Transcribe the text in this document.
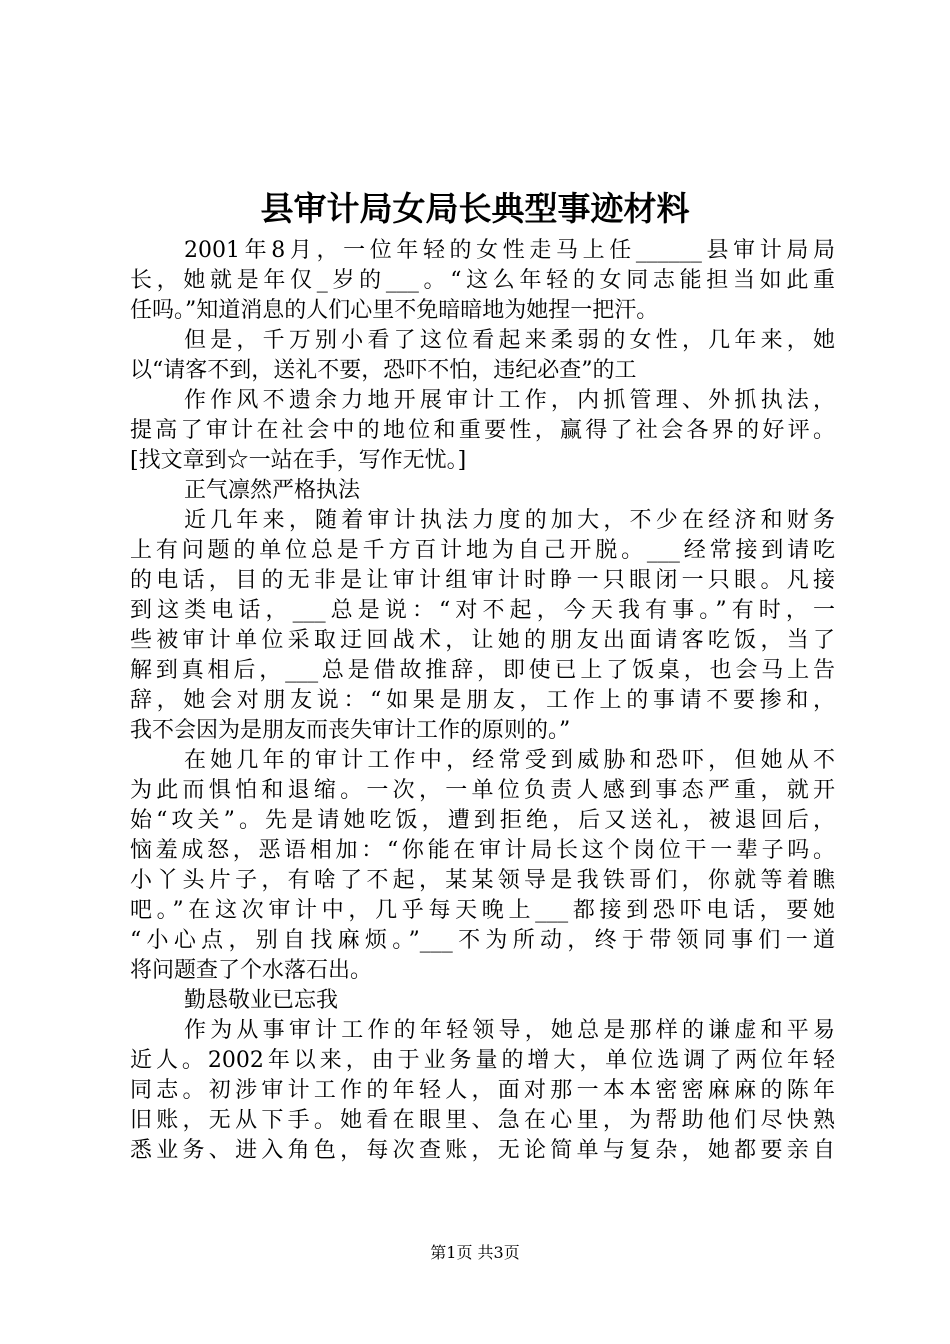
县审计局女局长典型事迹材料
2001年8月，一位年轻的女性走马上任______县审计局局
长，她就是年仅_岁的___。“这么年轻的女同志能担当如此重
任吗。”知道消息的人们心里不免暗暗地为她捏一把汗。
但是，千万别小看了这位看起来柔弱的女性，几年来，她
以“请客不到，送礼不要，恐吓不怕，违纪必查”的工
作作风不遗余力地开展审计工作，内抓管理、外抓执法，
提高了审计在社会中的地位和重要性，赢得了社会各界的好评。
[找文章到☆一站在手，写作无忧。]
正气凛然严格执法
近几年来，随着审计执法力度的加大，不少在经济和财务
上有问题的单位总是千方百计地为自己开脱。___经常接到请吃
的电话，目的无非是让审计组审计时睁一只眼闭一只眼。凡接
到这类电话，___总是说：“对不起，今天我有事。”有时，一
些被审计单位采取迂回战术，让她的朋友出面请客吃饭，当了
解到真相后，___总是借故推辞，即使已上了饭桌，也会马上告
辞，她会对朋友说：“如果是朋友，工作上的事请不要掺和，
我不会因为是朋友而丧失审计工作的原则的。”
在她几年的审计工作中，经常受到威胁和恐吓，但她从不
为此而惧怕和退缩。一次，一单位负责人感到事态严重，就开
始“攻关”。先是请她吃饭，遭到拒绝，后又送礼，被退回后，
恼羞成怒，恶语相加：“你能在审计局长这个岗位干一辈子吗。
小丫头片子，有啥了不起，某某领导是我铁哥们，你就等着瞧
吧。”在这次审计中，几乎每天晚上___都接到恐吓电话，要她
“小心点，别自找麻烦。”___不为所动，终于带领同事们一道
将问题查了个水落石出。
勤恳敬业已忘我
作为从事审计工作的年轻领导，她总是那样的谦虚和平易
近人。2002年以来，由于业务量的增大，单位选调了两位年轻
同志。初涉审计工作的年轻人，面对那一本本密密麻麻的陈年
旧账，无从下手。她看在眼里、急在心里，为帮助他们尽快熟
悉业务、进入角色，每次查账，无论简单与复杂，她都要亲自
第1页 共3页
